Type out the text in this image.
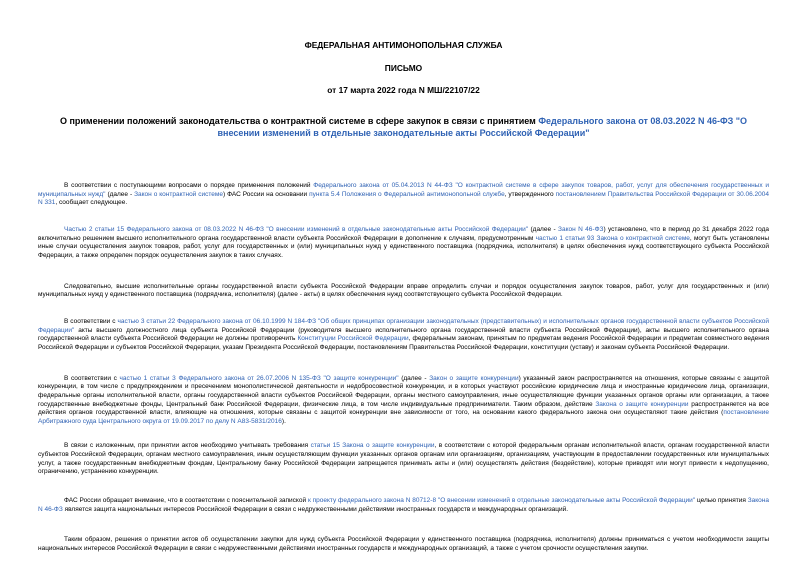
ФЕДЕРАЛЬНАЯ АНТИМОНОПОЛЬНАЯ СЛУЖБА
ПИСЬМО
от 17 марта 2022 года N МШ/22107/22
О применении положений законодательства о контрактной системе в сфере закупок в связи с принятием Федерального закона от 08.03.2022 N 46-ФЗ "О внесении изменений в отдельные законодательные акты Российской Федерации"

В соответствии с поступающими вопросами о порядке применения положений Федерального закона от 05.04.2013 N 44-ФЗ "О контрактной системе в сфере закупок товаров, работ, услуг для обеспечения государственных и муниципальных нужд" (далее - Закон о контрактной системе) ФАС России на основании пункта 5.4 Положения о Федеральной антимонопольной службе, утвержденного постановлением Правительства Российской Федерации от 30.06.2004 N 331, сообщает следующее.

Частью 2 статьи 15 Федерального закона от 08.03.2022 N 46-ФЗ "О внесении изменений в отдельные законодательные акты Российской Федерации" (далее - Закон N 46-ФЗ) установлено, что в период до 31 декабря 2022 года включительно решением высшего исполнительного органа государственной власти субъекта Российской Федерации в дополнение к случаям, предусмотренным частью 1 статьи 93 Закона о контрактной системе, могут быть установлены иные случаи осуществления закупок товаров, работ, услуг для государственных и (или) муниципальных нужд у единственного поставщика (подрядчика, исполнителя) в целях обеспечения нужд соответствующего субъекта Российской Федерации, а также определен порядок осуществления закупок в таких случаях.

Следовательно, высшие исполнительные органы государственной власти субъекта Российской Федерации вправе определить случаи и порядок осуществления закупок товаров, работ, услуг для государственных и (или) муниципальных нужд у единственного поставщика (подрядчика, исполнителя) (далее - акты) в целях обеспечения нужд соответствующего субъекта Российской Федерации.

В соответствии с частью 3 статьи 22 Федерального закона от 06.10.1999 N 184-ФЗ "Об общих принципах организации законодательных (представительных) и исполнительных органов государственной власти субъектов Российской Федерации" акты высшего должностного лица субъекта Российской Федерации (руководителя высшего исполнительного органа государственной власти субъекта Российской Федерации), акты высшего исполнительного органа государственной власти субъекта Российской Федерации не должны противоречить Конституции Российской Федерации, федеральным законам, принятым по предметам ведения Российской Федерации и предметам совместного ведения Российской Федерации и субъектов Российской Федерации, указам Президента Российской Федерации, постановлениям Правительства Российской Федерации, конституции (уставу) и законам субъекта Российской Федерации.

В соответствии с частью 1 статьи 3 Федерального закона от 26.07.2006 N 135-ФЗ "О защите конкуренции" (далее - Закон о защите конкуренции) указанный закон распространяется на отношения, которые связаны с защитой конкуренции, в том числе с предупреждением и пресечением монополистической деятельности и недобросовестной конкуренции, и в которых участвуют российские юридические лица и иностранные юридические лица, организации, федеральные органы исполнительной власти, органы государственной власти субъектов Российской Федерации, органы местного самоуправления, иные осуществляющие функции указанных органов органы или организации, а также государственные внебюджетные фонды, Центральный банк Российской Федерации, физические лица, в том числе индивидуальные предприниматели. Таким образом, действие Закона о защите конкуренции распространяется на все действия органов государственной власти, влияющие на отношения, которые связаны с защитой конкуренции вне зависимости от того, на основании какого федерального закона они осуществляют такие действия (постановление Арбитражного суда Центрального округа от 19.09.2017 по делу N А83-5831/2016).

В связи с изложенным, при принятии актов необходимо учитывать требования статьи 15 Закона о защите конкуренции, в соответствии с которой федеральным органам исполнительной власти, органам государственной власти субъектов Российской Федерации, органам местного самоуправления, иным осуществляющим функции указанных органов органам или организациям, организациям, участвующим в предоставлении государственных или муниципальных услуг, а также государственным внебюджетным фондам, Центральному банку Российской Федерации запрещается принимать акты и (или) осуществлять действия (бездействие), которые приводят или могут привести к недопущению, ограничению, устранению конкуренции.

ФАС России обращает внимание, что в соответствии с пояснительной запиской к проекту федерального закона N 80712-8 "О внесении изменений в отдельные законодательные акты Российской Федерации" целью принятия Закона N 46-ФЗ является защита национальных интересов Российской Федерации в связи с недружественными действиями иностранных государств и международных организаций.

Таким образом, решения о принятии актов об осуществлении закупки для нужд субъекта Российской Федерации у единственного поставщика (подрядчика, исполнителя) должны приниматься с учетом необходимости защиты национальных интересов Российской Федерации в связи с недружественными действиями иностранных государств и международных организаций, а также с учетом срочности осуществления закупки.
